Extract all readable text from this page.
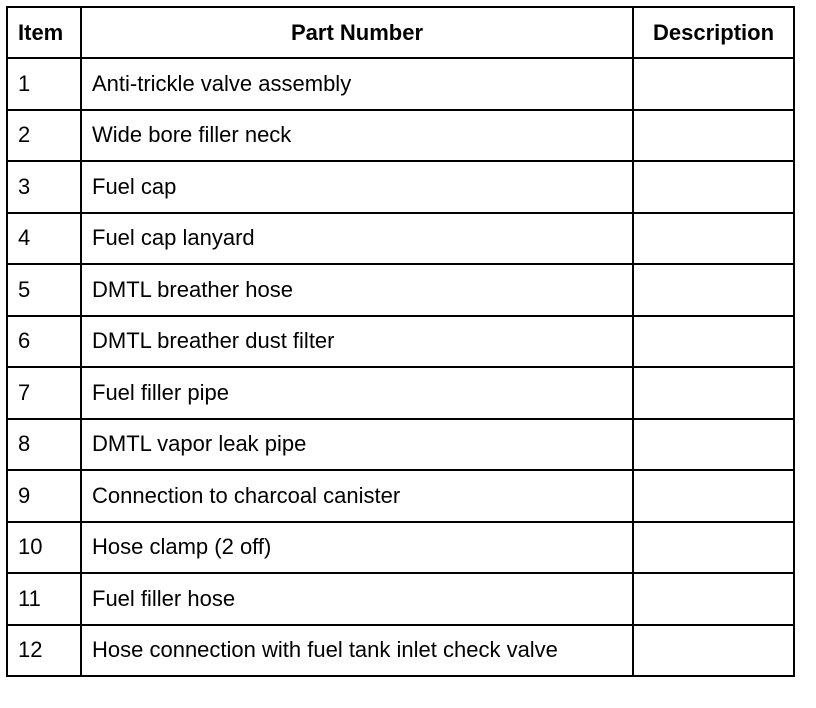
Item	Part Number	Description
1	Anti-trickle valve assembly	
2	Wide bore filler neck	
3	Fuel cap	
4	Fuel cap lanyard	
5	DMTL breather hose	
6	DMTL breather dust filter	
7	Fuel filler pipe	
8	DMTL vapor leak pipe	
9	Connection to charcoal canister	
10	Hose clamp (2 off)	
11	Fuel filler hose	
12	Hose connection with fuel tank inlet check valve	
